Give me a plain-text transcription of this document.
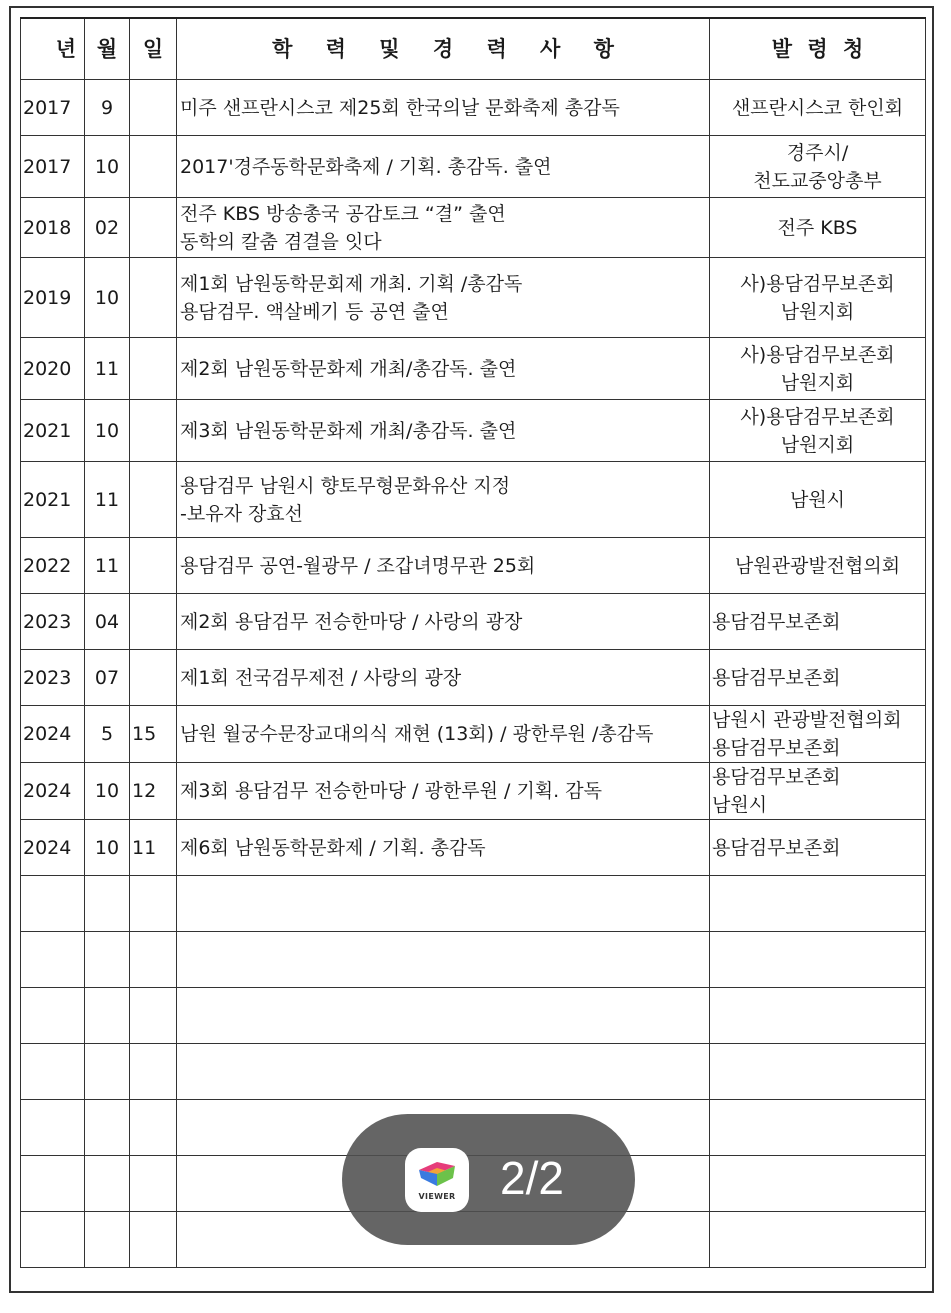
년	월	일	학 력 및 경 력 사 항	발 령 청
2017	9		미주 샌프란시스코 제25회 한국의날 문화축제 총감독	샌프란시스코 한인회

2017	10		2017'경주동학문화축제 / 기획. 총감독. 출연	경주시/
천도교중앙총부

2018	02		전주 KBS 방송총국 공감토크 “결” 출연
동학의 칼춤 겸결을 잇다	전주 KBS

2019	10		제1회 남원동학문회제 개최. 기획 /총감독
용담검무. 액살베기 등 공연 출연	사)용담검무보존회
남원지회

2020	11		제2회 남원동학문화제 개최/총감독. 출연	사)용담검무보존회
남원지회

2021	10		제3회 남원동학문화제 개최/총감독. 출연	사)용담검무보존회
남원지회

2021	11		용담검무 남원시 향토무형문화유산 지정
-보유자 장효선	남원시

2022	11		용담검무 공연-월광무 / 조갑녀명무관 25회	남원관광발전협의회

2023	04		제2회 용담검무 전승한마당 / 사랑의 광장	용담검무보존회

2023	07		제1회 전국검무제전 / 사랑의 광장	용담검무보존회

2024	5	15	남원 월궁수문장교대의식 재현 (13회) / 광한루원 /총감독	남원시 관광발전협의회
용담검무보존회

2024	10	12	제3회 용담검무 전승한마당 / 광한루원 / 기획. 감독	용담검무보존회
남원시

2024	10	11	제6회 남원동학문화제 / 기획. 총감독	용담검무보존회

VIEWER 2/2
